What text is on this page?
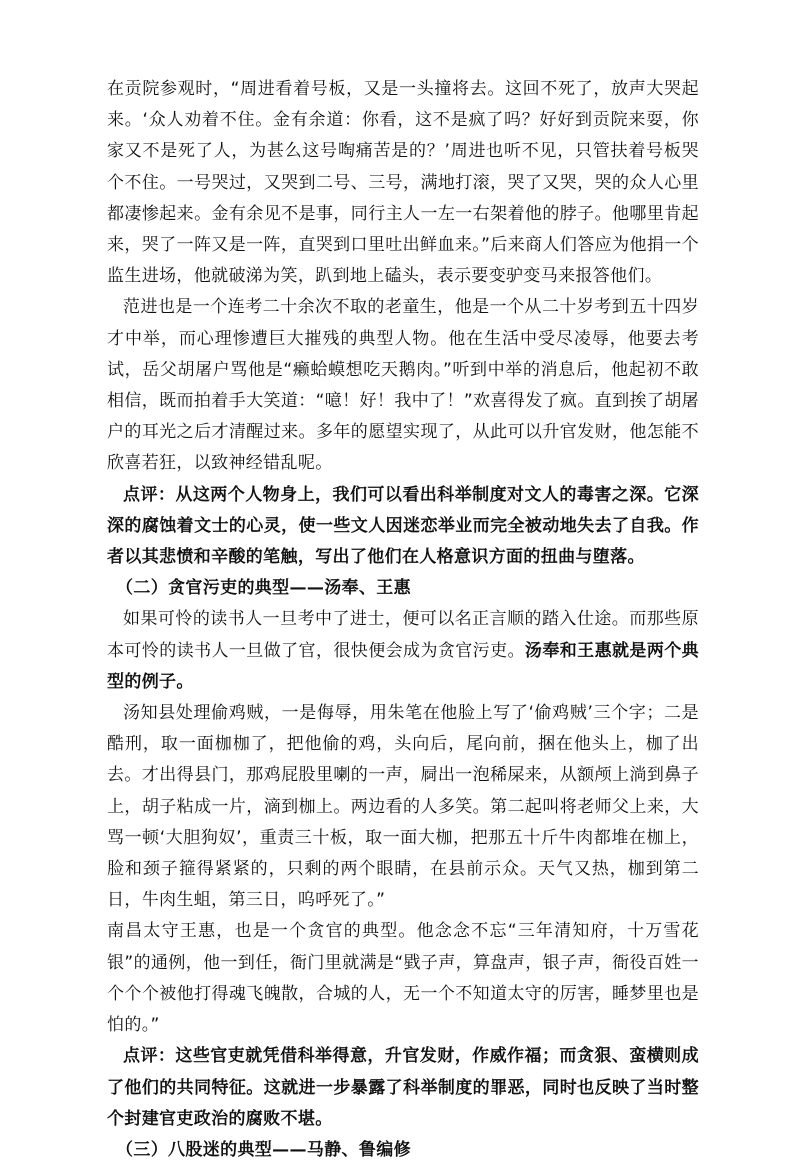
在贡院参观时，“周进看着号板，又是一头撞将去。这回不死了，放声大哭起来。‘众人劝着不住。金有余道：你看，这不是疯了吗？好好到贡院来耍，你家又不是死了人，为甚么这号啕痛苦是的？’周进也听不见，只管扶着号板哭个不住。一号哭过，又哭到二号、三号，满地打滚，哭了又哭，哭的众人心里都凄惨起来。金有余见不是事，同行主人一左一右架着他的脖子。他哪里肯起来，哭了一阵又是一阵，直哭到口里吐出鲜血来。”后来商人们答应为他捐一个监生进场，他就破涕为笑，趴到地上磕头，表示要变驴变马来报答他们。

范进也是一个连考二十余次不取的老童生，他是一个从二十岁考到五十四岁才中举，而心理惨遭巨大摧残的典型人物。他在生活中受尽凌辱，他要去考试，岳父胡屠户骂他是“癞蛤蟆想吃天鹅肉。”听到中举的消息后，他起初不敢相信，既而拍着手大笑道：“噫！好！我中了！”欢喜得发了疯。直到挨了胡屠户的耳光之后才清醒过来。多年的愿望实现了，从此可以升官发财，他怎能不欣喜若狂，以致神经错乱呢。

点评：从这两个人物身上，我们可以看出科举制度对文人的毒害之深。它深深的腐蚀着文士的心灵，使一些文人因迷恋举业而完全被动地失去了自我。作者以其悲愤和辛酸的笔触，写出了他们在人格意识方面的扭曲与堕落。

（二）贪官污吏的典型——汤奉、王惠

如果可怜的读书人一旦考中了进士，便可以名正言顺的踏入仕途。而那些原本可怜的读书人一旦做了官，很快便会成为贪官污吏。汤奉和王惠就是两个典型的例子。

汤知县处理偷鸡贼，一是侮辱，用朱笔在他脸上写了‘偷鸡贼’三个字；二是酷刑，取一面枷枷了，把他偷的鸡，头向后，尾向前，捆在他头上，枷了出去。才出得县门，那鸡屁股里喇的一声，屙出一泡稀屎来，从额颅上淌到鼻子上，胡子粘成一片，滴到枷上。两边看的人多笑。第二起叫将老师父上来，大骂一顿‘大胆狗奴’，重责三十板，取一面大枷，把那五十斤牛肉都堆在枷上，脸和颈子箍得紧紧的，只剩的两个眼睛，在县前示众。天气又热，枷到第二日，牛肉生蛆，第三日，呜呼死了。”

南昌太守王惠，也是一个贪官的典型。他念念不忘“三年清知府，十万雪花银”的通例，他一到任，衙门里就满是“戥子声，算盘声，银子声，衙役百姓一个个个被他打得魂飞魄散，合城的人，无一个不知道太守的厉害，睡梦里也是怕的。”

点评：这些官吏就凭借科举得意，升官发财，作威作福；而贪狠、蛮横则成了他们的共同特征。这就进一步暴露了科举制度的罪恶，同时也反映了当时整个封建官吏政治的腐败不堪。

（三）八股迷的典型——马静、鲁编修
